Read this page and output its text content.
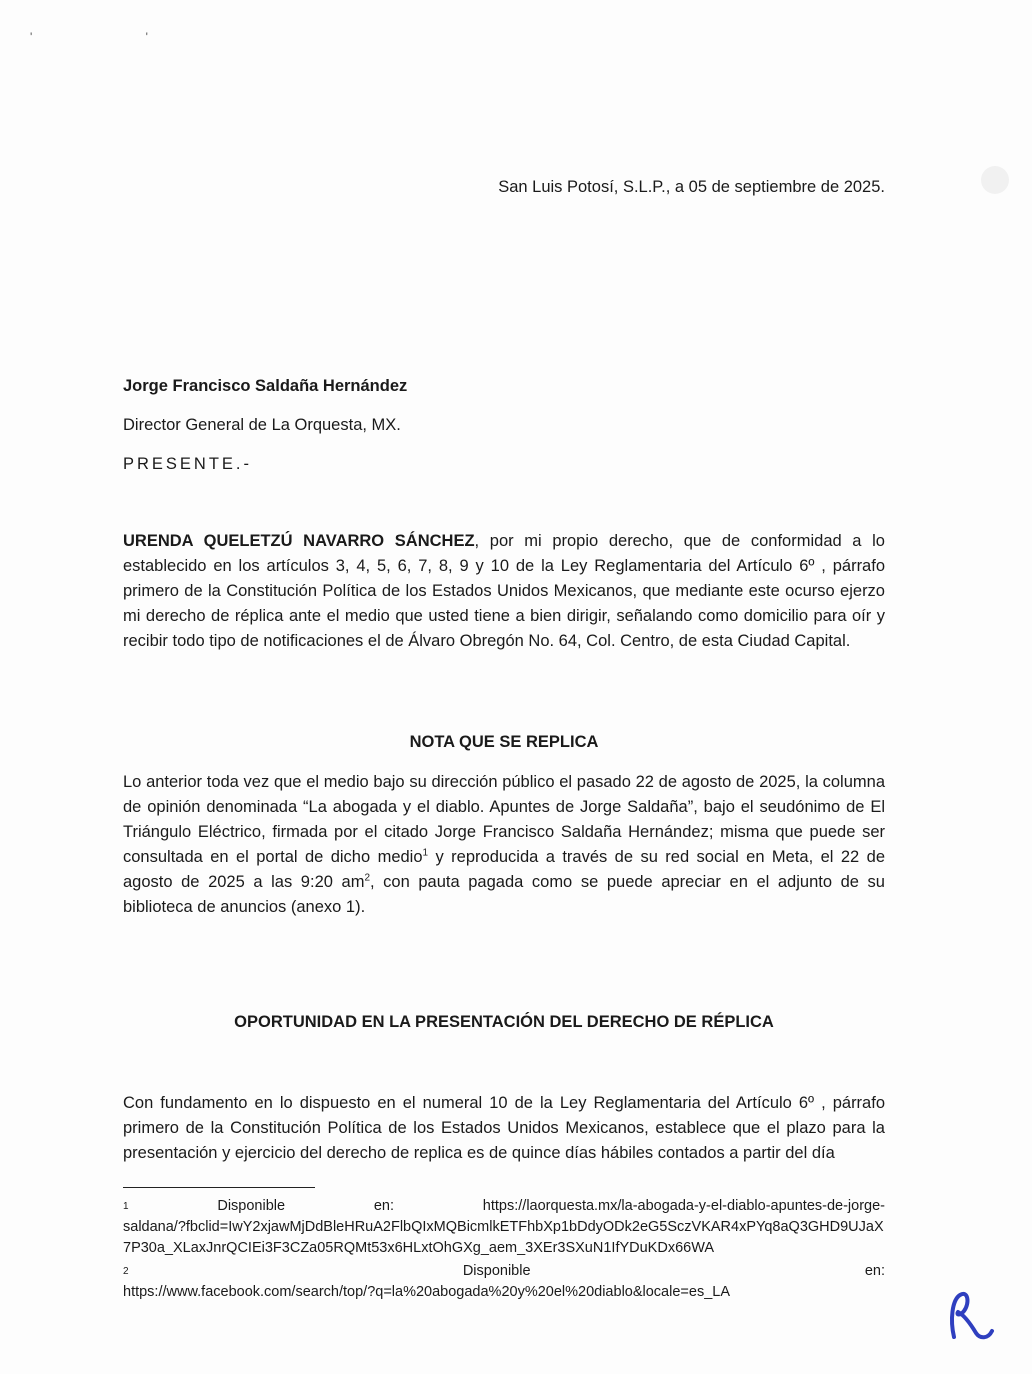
' '
San Luis Potosí, S.L.P., a 05 de septiembre de 2025.
Jorge Francisco Saldaña Hernández
Director General de La Orquesta, MX.
PRESENTE.-
URENDA QUELETZÚ NAVARRO SÁNCHEZ, por mi propio derecho, que de conformidad a lo establecido en los artículos 3, 4, 5, 6, 7, 8, 9 y 10 de la Ley Reglamentaria del Artículo 6º , párrafo primero de la Constitución Política de los Estados Unidos Mexicanos, que mediante este ocurso ejerzo mi derecho de réplica ante el medio que usted tiene a bien dirigir, señalando como domicilio para oír y recibir todo tipo de notificaciones el de Álvaro Obregón No. 64, Col. Centro, de esta Ciudad Capital.
NOTA QUE SE REPLICA
Lo anterior toda vez que el medio bajo su dirección público el pasado 22 de agosto de 2025, la columna de opinión denominada “La abogada y el diablo. Apuntes de Jorge Saldaña”, bajo el seudónimo de El Triángulo Eléctrico, firmada por el citado Jorge Francisco Saldaña Hernández; misma que puede ser consultada en el portal de dicho medio$^1$ y reproducida a través de su red social en Meta, el 22 de agosto de 2025 a las 9:20 $am^2$, con pauta pagada como se puede apreciar en el adjunto de su biblioteca de anuncios (anexo 1).
OPORTUNIDAD EN LA PRESENTACIÓN DEL DERECHO DE RÉPLICA
Con fundamento en lo dispuesto en el numeral 10 de la Ley Reglamentaria del Artículo 6º , párrafo primero de la Constitución Política de los Estados Unidos Mexicanos, establece que el plazo para la presentación y ejercicio del derecho de replica es de quince días hábiles contados a partir del día
1	Disponible	en:	https://laorquesta.mx/la-abogada-y-el-diablo-apuntes-de-jorge-
saldana/?fbclid=IwY2xjawMjDdBleHRuA2FlbQIxMQBicmlkETFhbXp1bDdyODk2eG5SczVKAR4xPYq8aQ3GHD9UJaX7P30a_XLaxJnrQCIEi3F3CZa05RQMt53x6HLxtOhGXg_aem_3XEr3SXuN1IfYDuKDx66WA
2	Disponible	en:
https://www.facebook.com/search/top/?q=la%20abogada%20y%20el%20diablo&locale=es_LA
